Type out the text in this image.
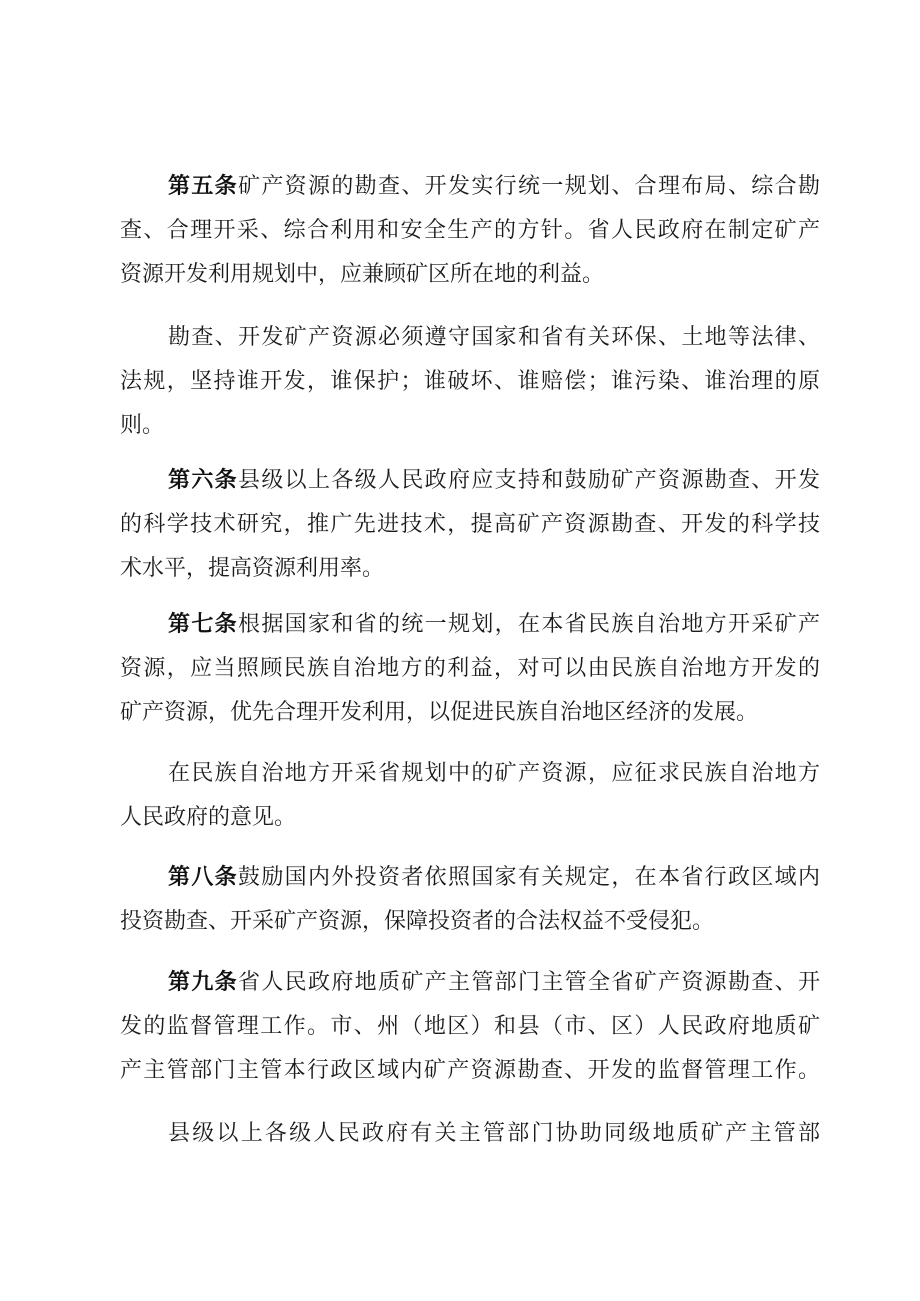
第五条矿产资源的勘查、开发实行统一规划、合理布局、综合勘
查、合理开采、综合利用和安全生产的方针。省人民政府在制定矿产
资源开发利用规划中，应兼顾矿区所在地的利益。
勘查、开发矿产资源必须遵守国家和省有关环保、土地等法律、
法规，坚持谁开发，谁保护；谁破坏、谁赔偿；谁污染、谁治理的原
则。
第六条县级以上各级人民政府应支持和鼓励矿产资源勘查、开发
的科学技术研究，推广先进技术，提高矿产资源勘查、开发的科学技
术水平，提高资源利用率。
第七条根据国家和省的统一规划，在本省民族自治地方开采矿产
资源，应当照顾民族自治地方的利益，对可以由民族自治地方开发的
矿产资源，优先合理开发利用，以促进民族自治地区经济的发展。
在民族自治地方开采省规划中的矿产资源，应征求民族自治地方
人民政府的意见。
第八条鼓励国内外投资者依照国家有关规定，在本省行政区域内
投资勘查、开采矿产资源，保障投资者的合法权益不受侵犯。
第九条省人民政府地质矿产主管部门主管全省矿产资源勘查、开
发的监督管理工作。市、州（地区）和县（市、区）人民政府地质矿
产主管部门主管本行政区域内矿产资源勘查、开发的监督管理工作。
县级以上各级人民政府有关主管部门协助同级地质矿产主管部
